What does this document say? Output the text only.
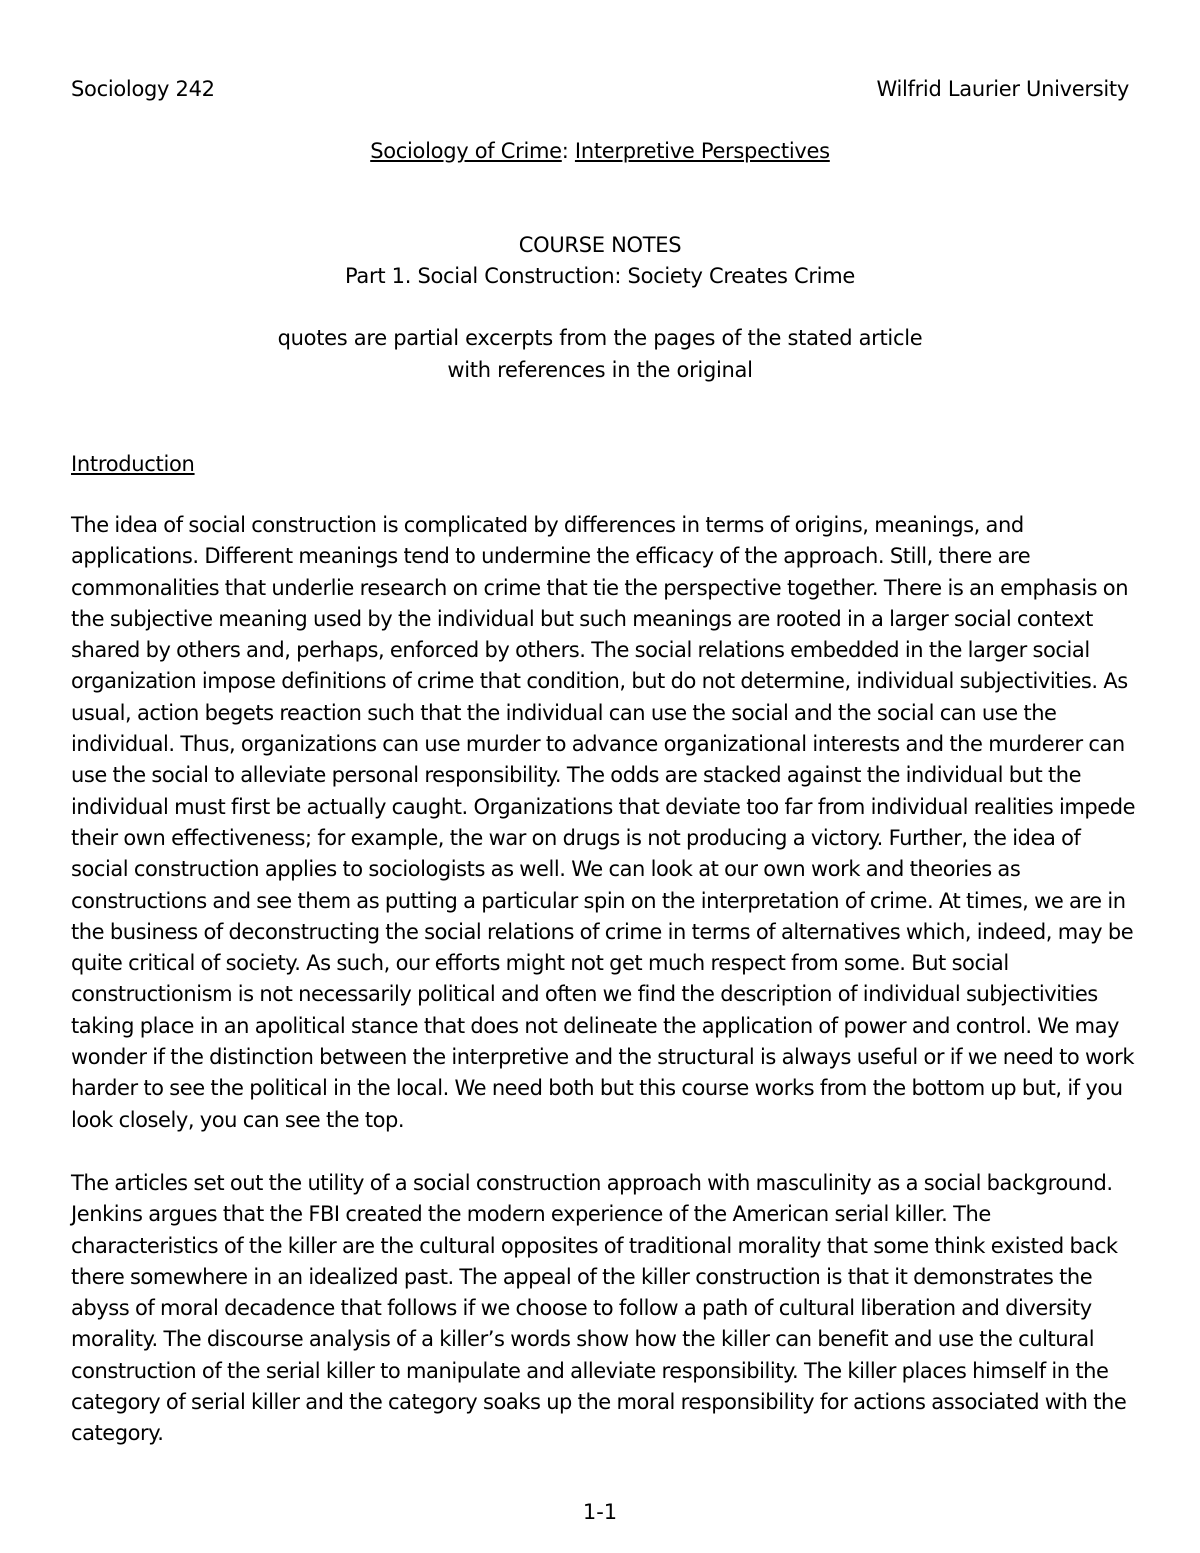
Sociology 242	Wilfrid Laurier University
Sociology of Crime: Interpretive Perspectives
COURSE NOTES
Part 1. Social Construction: Society Creates Crime
quotes are partial excerpts from the pages of the stated article
with references in the original
Introduction

The idea of social construction is complicated by differences in terms of origins, meanings, and applications. Different meanings tend to undermine the efficacy of the approach. Still, there are commonalities that underlie research on crime that tie the perspective together. There is an emphasis on the subjective meaning used by the individual but such meanings are rooted in a larger social context shared by others and, perhaps, enforced by others. The social relations embedded in the larger social organization impose definitions of crime that condition, but do not determine, individual subjectivities. As usual, action begets reaction such that the individual can use the social and the social can use the individual. Thus, organizations can use murder to advance organizational interests and the murderer can use the social to alleviate personal responsibility. The odds are stacked against the individual but the individual must first be actually caught. Organizations that deviate too far from individual realities impede their own effectiveness; for example, the war on drugs is not producing a victory. Further, the idea of social construction applies to sociologists as well. We can look at our own work and theories as constructions and see them as putting a particular spin on the interpretation of crime. At times, we are in the business of deconstructing the social relations of crime in terms of alternatives which, indeed, may be quite critical of society. As such, our efforts might not get much respect from some. But social constructionism is not necessarily political and often we find the description of individual subjectivities taking place in an apolitical stance that does not delineate the application of power and control. We may wonder if the distinction between the interpretive and the structural is always useful or if we need to work harder to see the political in the local. We need both but this course works from the bottom up but, if you look closely, you can see the top.

The articles set out the utility of a social construction approach with masculinity as a social background. Jenkins argues that the FBI created the modern experience of the American serial killer. The characteristics of the killer are the cultural opposites of traditional morality that some think existed back there somewhere in an idealized past. The appeal of the killer construction is that it demonstrates the abyss of moral decadence that follows if we choose to follow a path of cultural liberation and diversity morality. The discourse analysis of a killer’s words show how the killer can benefit and use the cultural construction of the serial killer to manipulate and alleviate responsibility. The killer places himself in the category of serial killer and the category soaks up the moral responsibility for actions associated with the category.

1-1
